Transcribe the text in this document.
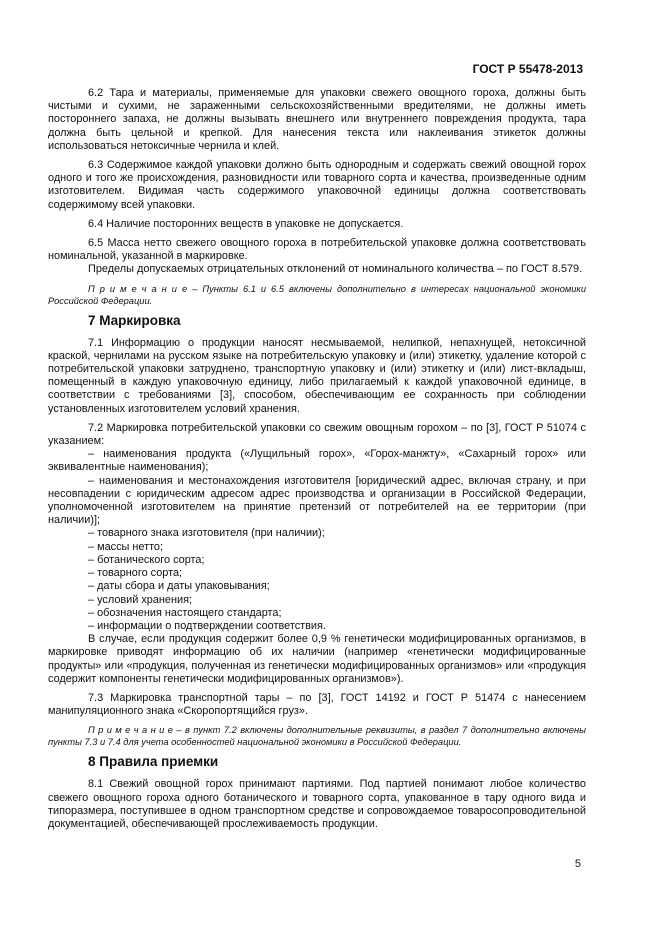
ГОСТ Р 55478-2013

6.2 Тара и материалы, применяемые для упаковки свежего овощного гороха, должны быть чистыми и сухими, не зараженными сельскохозяйственными вредителями, не должны иметь постороннего запаха, не должны вызывать внешнего или внутреннего повреждения продукта, тара должна быть цельной и крепкой. Для нанесения текста или наклеивания этикеток должны использоваться нетоксичные чернила и клей.

6.3 Содержимое каждой упаковки должно быть однородным и содержать свежий овощной горох одного и того же происхождения, разновидности или товарного сорта и качества, произведенные одним изготовителем. Видимая часть содержимого упаковочной единицы должна соответствовать содержимому всей упаковки.

6.4 Наличие посторонних веществ в упаковке не допускается.

6.5 Масса нетто свежего овощного гороха в потребительской упаковке должна соответствовать номинальной, указанной в маркировке.

Пределы допускаемых отрицательных отклонений от номинального количества – по ГОСТ 8.579.

П р и м е ч а н и е – Пункты 6.1 и 6.5 включены дополнительно в интересах национальной экономики Российской Федерации.

7 Маркировка

7.1 Информацию о продукции наносят несмываемой, нелипкой, непахнущей, нетоксичной краской, чернилами на русском языке на потребительскую упаковку и (или) этикетку, удаление которой с потребительской упаковки затруднено, транспортную упаковку и (или) этикетку и (или) лист-вкладыш, помещенный в каждую упаковочную единицу, либо прилагаемый к каждой упаковочной единице, в соответствии с требованиями [3], способом, обеспечивающим ее сохранность при соблюдении установленных изготовителем условий хранения.

7.2 Маркировка потребительской упаковки со свежим овощным горохом – по [3], ГОСТ Р 51074 с указанием:

– наименования продукта («Лущильный горох», «Горох-манжту», «Сахарный горох» или эквивалентные наименования);

– наименования и местонахождения изготовителя [юридический адрес, включая страну, и при несовпадении с юридическим адресом адрес производства и организации в Российской Федерации, уполномоченной изготовителем на принятие претензий от потребителей на ее территории (при наличии)];

– товарного знака изготовителя (при наличии);

– массы нетто;

– ботанического сорта;

– товарного сорта;

– даты сбора и даты упаковывания;

– условий хранения;

– обозначения настоящего стандарта;

– информации о подтверждении соответствия.

В случае, если продукция содержит более 0,9 % генетически модифицированных организмов, в маркировке приводят информацию об их наличии (например «генетически модифицированные продукты» или «продукция, полученная из генетически модифицированных организмов» или «продукция содержит компоненты генетически модифицированных организмов»).

7.3 Маркировка транспортной тары – по [3], ГОСТ 14192 и ГОСТ Р 51474 с нанесением манипуляционного знака «Скоропортящийся груз».

П р и м е ч а н и е – в пункт 7.2 включены дополнительные реквизиты, в раздел 7 дополнительно включены пункты 7.3 и 7.4 для учета особенностей национальной экономики в Российской Федерации.

8 Правила приемки

8.1 Свежий овощной горох принимают партиями. Под партией понимают любое количество свежего овощного гороха одного ботанического и товарного сорта, упакованное в тару одного вида и типоразмера, поступившее в одном транспортном средстве и сопровождаемое товаросопроводительной документацией, обеспечивающей прослеживаемость продукции.

5
